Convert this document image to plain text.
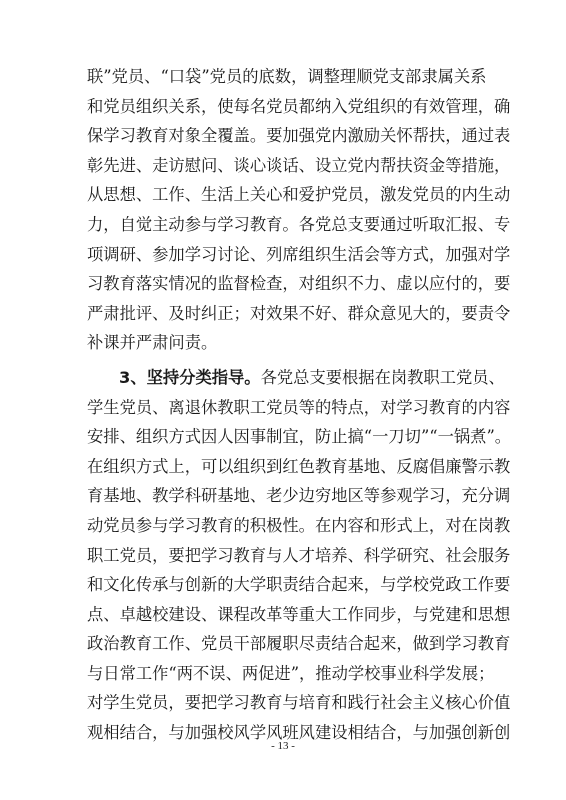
联”党员、“口袋”党员的底数，调整理顺党支部隶属关系
和党员组织关系，使每名党员都纳入党组织的有效管理，确
保学习教育对象全覆盖。要加强党内激励关怀帮扶，通过表
彰先进、走访慰问、谈心谈话、设立党内帮扶资金等措施，
从思想、工作、生活上关心和爱护党员，激发党员的内生动
力，自觉主动参与学习教育。各党总支要通过听取汇报、专
项调研、参加学习讨论、列席组织生活会等方式，加强对学
习教育落实情况的监督检查，对组织不力、虚以应付的，要
严肃批评、及时纠正；对效果不好、群众意见大的，要责令
补课并严肃问责。
3、坚持分类指导。各党总支要根据在岗教职工党员、
学生党员、离退休教职工党员等的特点，对学习教育的内容
安排、组织方式因人因事制宜，防止搞“一刀切”“一锅煮”。
在组织方式上，可以组织到红色教育基地、反腐倡廉警示教
育基地、教学科研基地、老少边穷地区等参观学习，充分调
动党员参与学习教育的积极性。在内容和形式上，对在岗教
职工党员，要把学习教育与人才培养、科学研究、社会服务
和文化传承与创新的大学职责结合起来，与学校党政工作要
点、卓越校建设、课程改革等重大工作同步，与党建和思想
政治教育工作、党员干部履职尽责结合起来，做到学习教育
与日常工作“两不误、两促进”，推动学校事业科学发展；
对学生党员，要把学习教育与培育和践行社会主义核心价值
观相结合，与加强校风学风班风建设相结合，与加强创新创
- 13 -
